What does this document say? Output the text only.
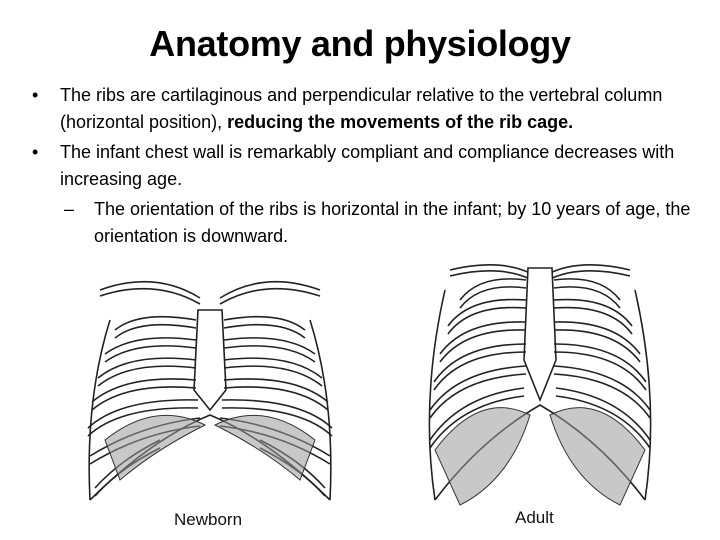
Anatomy and physiology
•	The ribs are cartilaginous and perpendicular relative to the vertebral column (horizontal position), reducing the movements of the rib cage.
•	The infant chest wall is remarkably compliant and compliance decreases with increasing age.
–	The orientation of the ribs is horizontal in the infant; by 10 years of age, the orientation is downward.
Newborn	Adult
